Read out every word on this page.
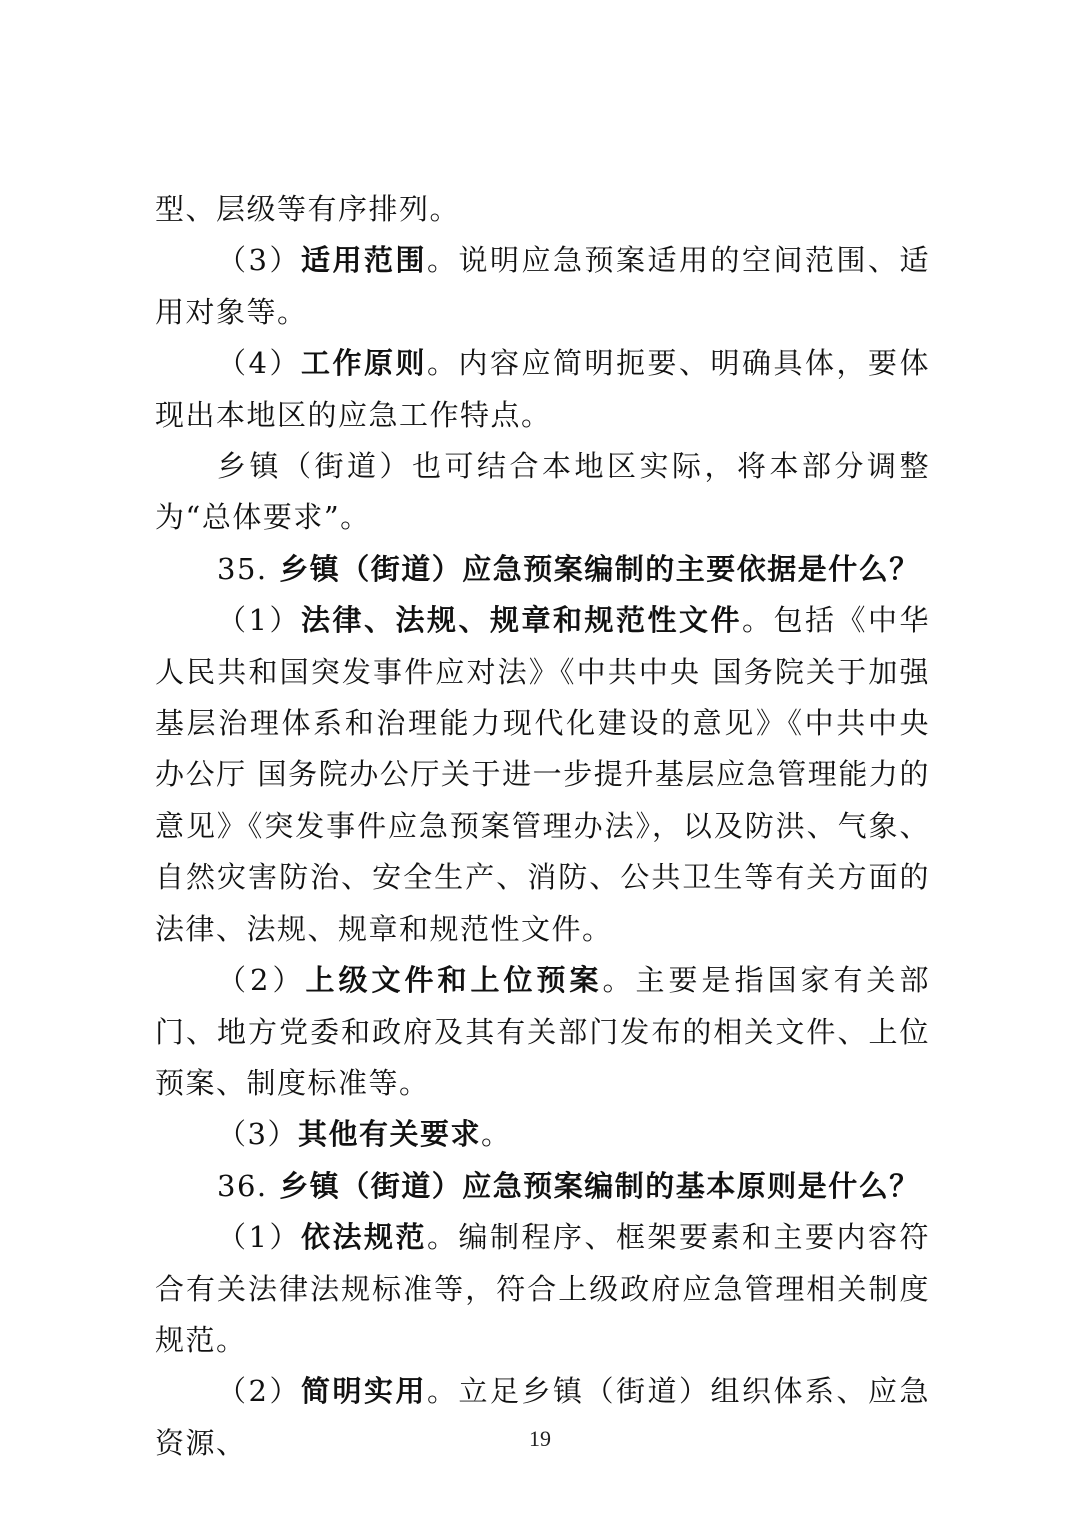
型、层级等有序排列。

（3）适用范围。说明应急预案适用的空间范围、适用对象等。

（4）工作原则。内容应简明扼要、明确具体，要体现出本地区的应急工作特点。

乡镇（街道）也可结合本地区实际，将本部分调整为“总体要求”。

35. 乡镇（街道）应急预案编制的主要依据是什么？

（1）法律、法规、规章和规范性文件。包括《中华人民共和国突发事件应对法》《中共中央 国务院关于加强基层治理体系和治理能力现代化建设的意见》《中共中央办公厅 国务院办公厅关于进一步提升基层应急管理能力的意见》《突发事件应急预案管理办法》，以及防洪、气象、自然灾害防治、安全生产、消防、公共卫生等有关方面的法律、法规、规章和规范性文件。

（2）上级文件和上位预案。主要是指国家有关部门、地方党委和政府及其有关部门发布的相关文件、上位预案、制度标准等。

（3）其他有关要求。

36. 乡镇（街道）应急预案编制的基本原则是什么？

（1）依法规范。编制程序、框架要素和主要内容符合有关法律法规标准等，符合上级政府应急管理相关制度规范。

（2）简明实用。立足乡镇（街道）组织体系、应急资源、	19
